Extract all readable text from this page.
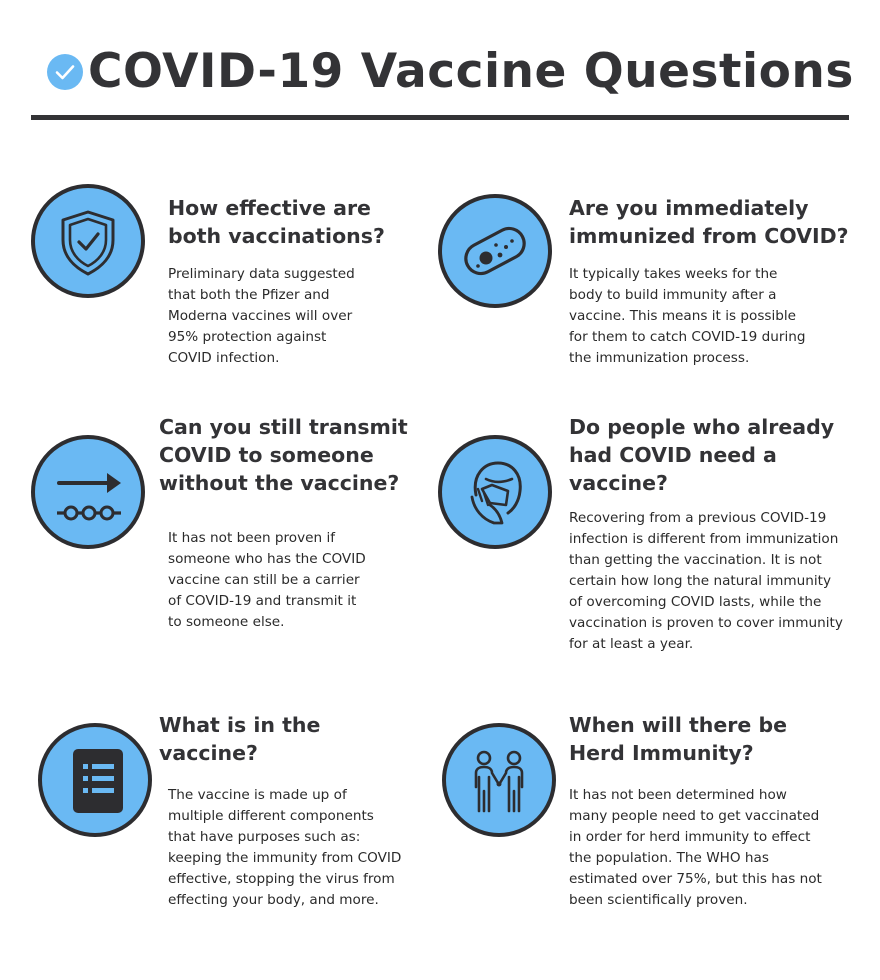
COVID-19 Vaccine Questions
How effective are
both vaccinations?

Preliminary data suggested
that both the Pfizer and
Moderna vaccines will over
95% protection against
COVID infection.

Are you immediately
immunized from COVID?

It typically takes weeks for the
body to build immunity after a
vaccine. This means it is possible
for them to catch COVID-19 during
the immunization process.

Can you still transmit
COVID to someone
without the vaccine?

It has not been proven if
someone who has the COVID
vaccine can still be a carrier
of COVID-19 and transmit it
to someone else.

Do people who already
had COVID need a
vaccine?

Recovering from a previous COVID-19
infection is different from immunization
than getting the vaccination. It is not
certain how long the natural immunity
of overcoming COVID lasts, while the
vaccination is proven to cover immunity
for at least a year.

What is in the
vaccine?

The vaccine is made up of
multiple different components
that have purposes such as:
keeping the immunity from COVID
effective, stopping the virus from
effecting your body, and more.

When will there be
Herd Immunity?

It has not been determined how
many people need to get vaccinated
in order for herd immunity to effect
the population. The WHO has
estimated over 75%, but this has not
been scientifically proven.
